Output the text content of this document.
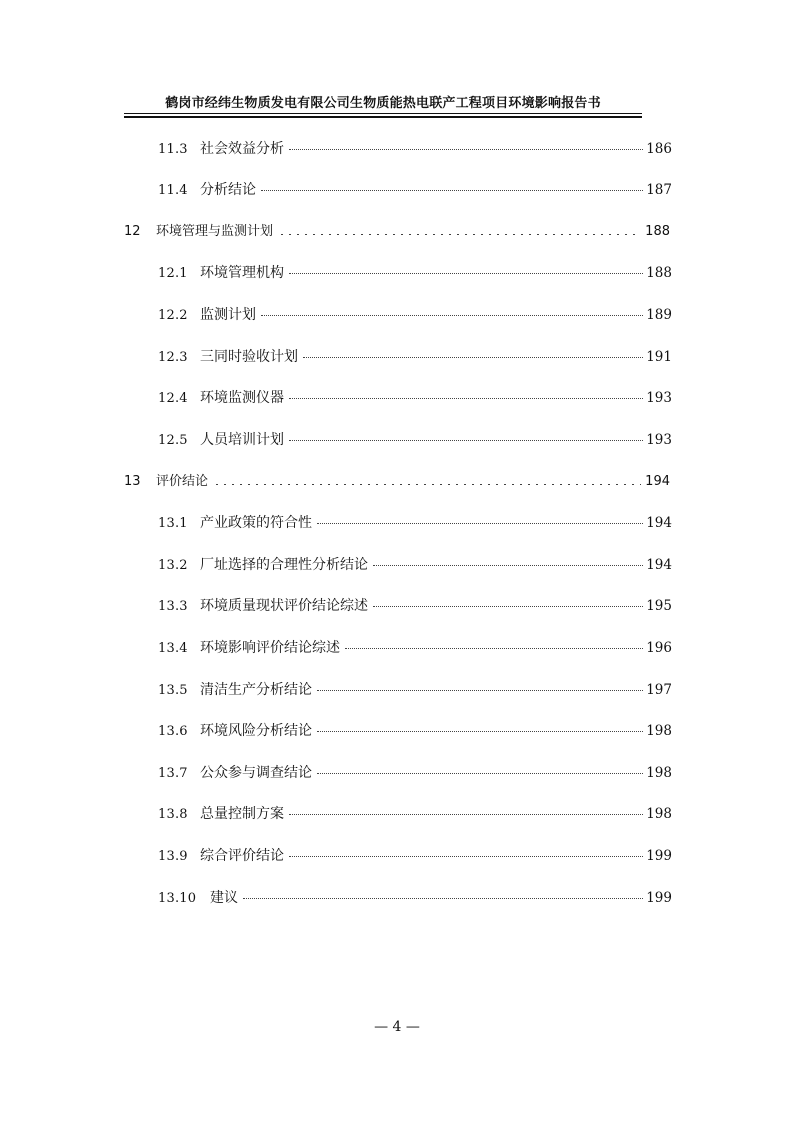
鹤岗市经纬生物质发电有限公司生物质能热电联产工程项目环境影响报告书
11.3 社会效益分析	186
11.4 分析结论	187
12	环境管理与监测计划	188
12.1 环境管理机构	188
12.2 监测计划	189
12.3 三同时验收计划	191
12.4 环境监测仪器	193
12.5 人员培训计划	193
13	评价结论	194
13.1 产业政策的符合性	194
13.2 厂址选择的合理性分析结论	194
13.3 环境质量现状评价结论综述	195
13.4 环境影响评价结论综述	196
13.5 清洁生产分析结论	197
13.6 环境风险分析结论	198
13.7 公众参与调查结论	198
13.8 总量控制方案	198
13.9 综合评价结论	199
13.10 建议	199
— 4 —
